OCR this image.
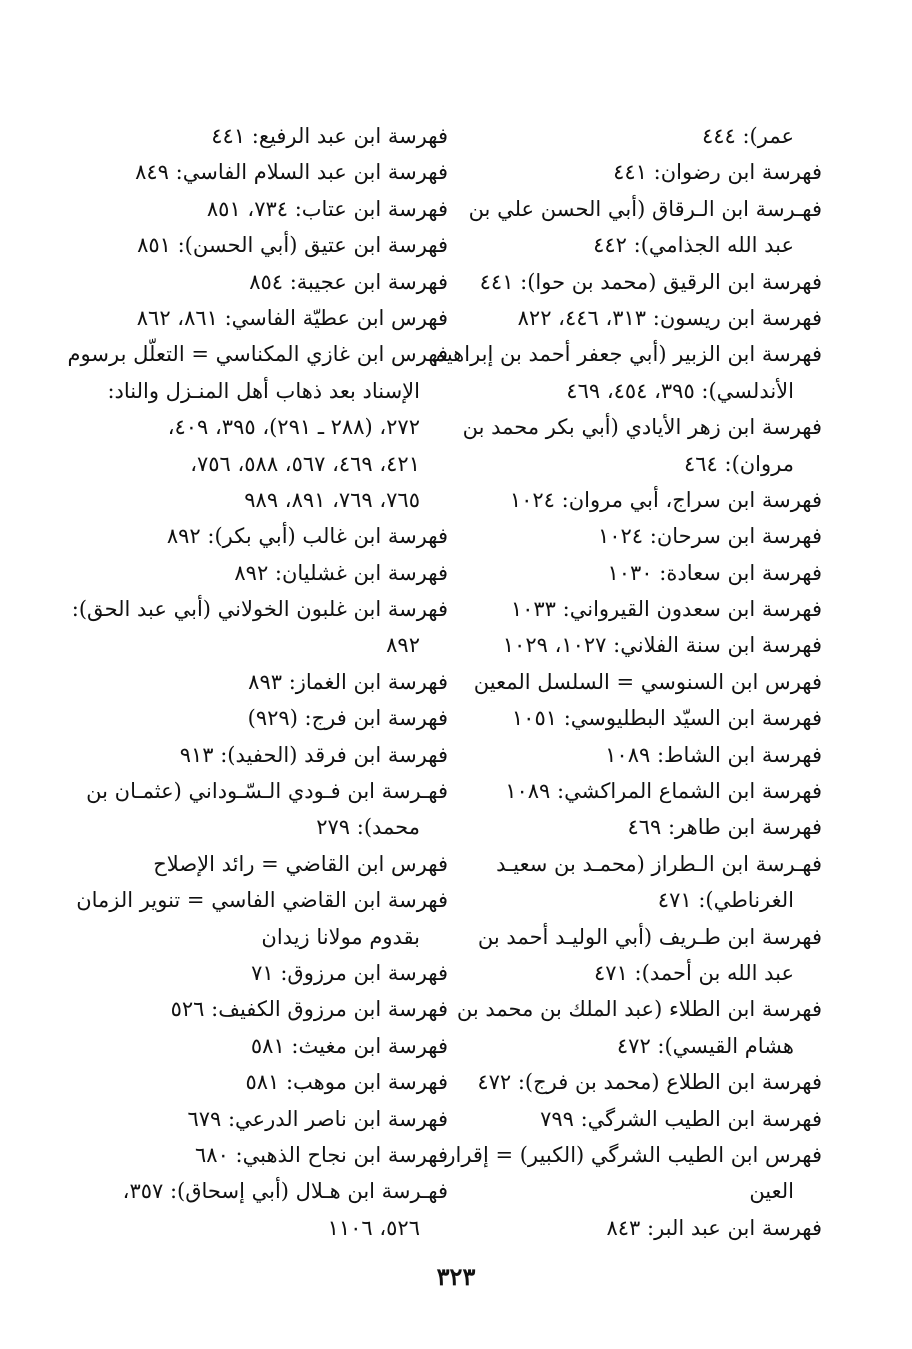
عمر): ٤٤٤
فهرسة ابن رضوان: ٤٤١
فهـرسة ابن الـرقاق (أبي الحسن علي بن
عبد الله الجذامي): ٤٤٢
فهرسة ابن الرقيق (محمد بن حوا): ٤٤١
فهرسة ابن ريسون: ٣١٣، ٤٤٦، ٨٢٢
فهرسة ابن الزبير (أبي جعفر أحمد بن إبراهيم
الأندلسي): ٣٩٥، ٤٥٤، ٤٦٩
فهرسة ابن زهر الأيادي (أبي بكر محمد بن
مروان): ٤٦٤
فهرسة ابن سراج، أبي مروان: ١٠٢٤
فهرسة ابن سرحان: ١٠٢٤
فهرسة ابن سعادة: ١٠٣٠
فهرسة ابن سعدون القيرواني: ١٠٣٣
فهرسة ابن سنة الفلاني: ١٠٢٧، ١٠٢٩
فهرس ابن السنوسي = السلسل المعين
فهرسة ابن السيّد البطليوسي: ١٠٥١
فهرسة ابن الشاط: ١٠٨٩
فهرسة ابن الشماع المراكشي: ١٠٨٩
فهرسة ابن طاهر: ٤٦٩
فهـرسة ابن الـطراز (محمـد بن سعيـد
الغرناطي): ٤٧١
فهرسة ابن طـريف (أبي الوليـد أحمد بن
عبد الله بن أحمد): ٤٧١
فهرسة ابن الطلاء (عبد الملك بن محمد بن
هشام القيسي): ٤٧٢
فهرسة ابن الطلاع (محمد بن فرج): ٤٧٢
فهرسة ابن الطيب الشرگي: ٧٩٩
فهرس ابن الطيب الشرگي (الكبير) = إقرار
العين
فهرسة ابن عبد البر: ٨٤٣
فهرسة ابن عبد الرفيع: ٤٤١
فهرسة ابن عبد السلام الفاسي: ٨٤٩
فهرسة ابن عتاب: ٧٣٤، ٨٥١
فهرسة ابن عتيق (أبي الحسن): ٨٥١
فهرسة ابن عجيبة: ٨٥٤
فهرس ابن عطيّة الفاسي: ٨٦١، ٨٦٢
فهرس ابن غازي المكناسي = التعلّل برسوم
الإسناد بعد ذهاب أهل المنـزل والناد:
٢٧٢، (٢٨٨ ـ ٢٩١)، ٣٩٥، ٤٠٩،
٤٢١، ٤٦٩، ٥٦٧، ٥٨٨، ٧٥٦،
٧٦٥، ٧٦٩، ٨٩١، ٩٨٩
فهرسة ابن غالب (أبي بكر): ٨٩٢
فهرسة ابن غشليان: ٨٩٢
فهرسة ابن غلبون الخولاني (أبي عبد الحق):
٨٩٢
فهرسة ابن الغماز: ٨٩٣
فهرسة ابن فرج: (٩٢٩)
فهرسة ابن فرقد (الحفيد): ٩١٣
فهـرسة ابن فـودي الـسّـوداني (عثمـان بن
محمد): ٢٧٩
فهرس ابن القاضي = رائد الإصلاح
فهرسة ابن القاضي الفاسي = تنوير الزمان
بقدوم مولانا زيدان
فهرسة ابن مرزوق: ٧١
فهرسة ابن مرزوق الكفيف: ٥٢٦
فهرسة ابن مغيث: ٥٨١
فهرسة ابن موهب: ٥٨١
فهرسة ابن ناصر الدرعي: ٦٧٩
فهرسة ابن نجاح الذهبي: ٦٨٠
فهـرسة ابن هـلال (أبي إسحاق): ٣٥٧،
٥٢٦، ١١٠٦
٣٢٣
